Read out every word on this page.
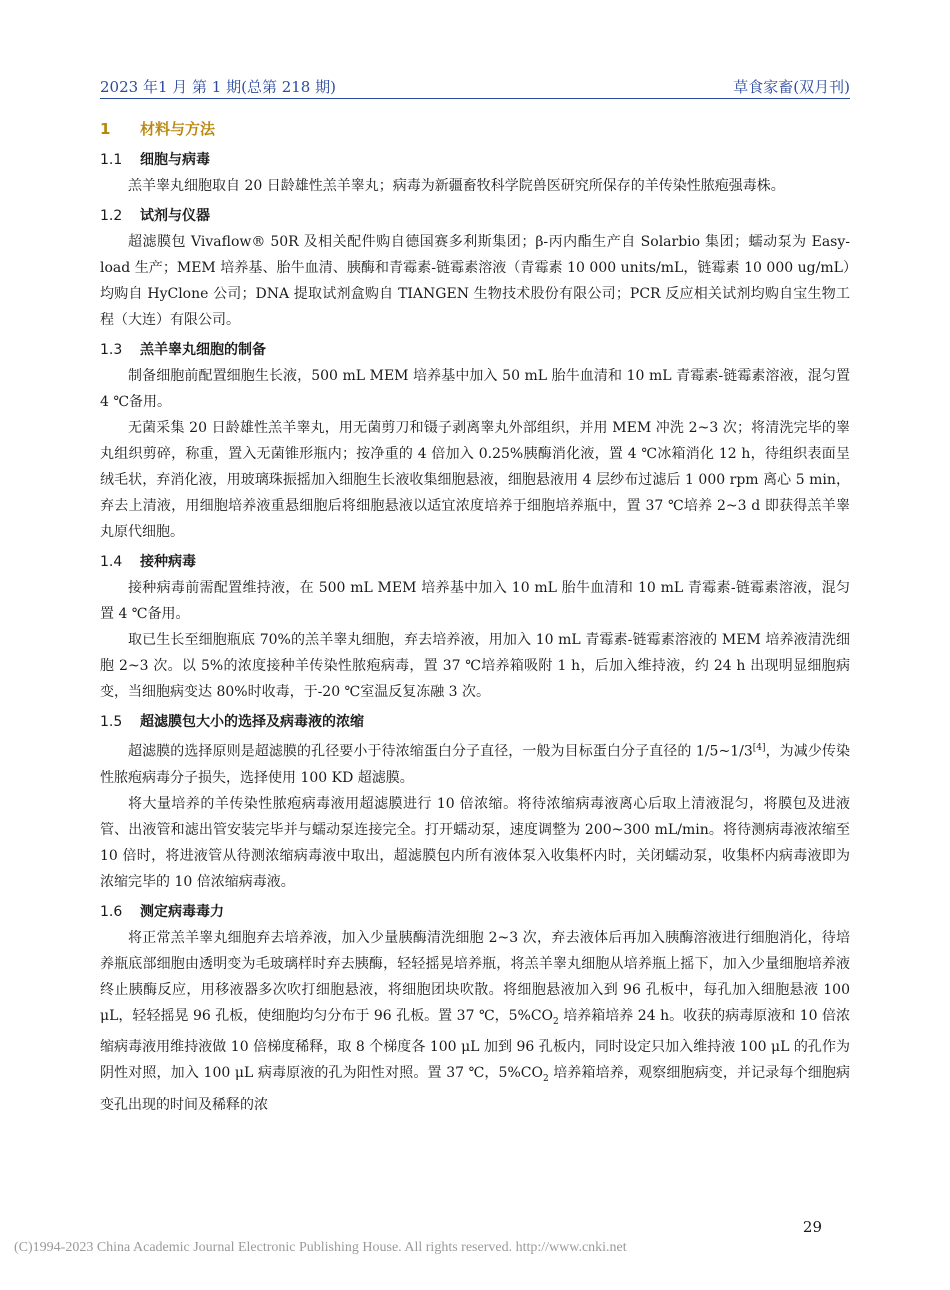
2023 年1 月 第 1 期(总第 218 期)	草食家畜(双月刊)
1 材料与方法
1.1 细胞与病毒

羔羊睾丸细胞取自 20 日龄雄性羔羊睾丸；病毒为新疆畜牧科学院兽医研究所保存的羊传染性脓疱强毒株。

1.2 试剂与仪器

超滤膜包 Vivaflow® 50R 及相关配件购自德国赛多利斯集团；β-丙内酯生产自 Solarbio 集团；蠕动泵为 Easy-load 生产；MEM 培养基、胎牛血清、胰酶和青霉素-链霉素溶液（青霉素 10 000 units/mL，链霉素 10 000 ug/mL）均购自 HyClone 公司；DNA 提取试剂盒购自 TIANGEN 生物技术股份有限公司；PCR 反应相关试剂均购自宝生物工程（大连）有限公司。

1.3 羔羊睾丸细胞的制备

制备细胞前配置细胞生长液，500 mL MEM 培养基中加入 50 mL 胎牛血清和 10 mL 青霉素-链霉素溶液，混匀置 4 ℃备用。

无菌采集 20 日龄雄性羔羊睾丸，用无菌剪刀和镊子剥离睾丸外部组织，并用 MEM 冲洗 2~3 次；将清洗完毕的睾丸组织剪碎，称重，置入无菌锥形瓶内；按净重的 4 倍加入 0.25%胰酶消化液，置 4 ℃冰箱消化 12 h，待组织表面呈绒毛状，弃消化液，用玻璃珠振摇加入细胞生长液收集细胞悬液，细胞悬液用 4 层纱布过滤后 1 000 rpm 离心 5 min，弃去上清液，用细胞培养液重悬细胞后将细胞悬液以适宜浓度培养于细胞培养瓶中，置 37 ℃培养 2~3 d 即获得羔羊睾丸原代细胞。

1.4 接种病毒

接种病毒前需配置维持液，在 500 mL MEM 培养基中加入 10 mL 胎牛血清和 10 mL 青霉素-链霉素溶液，混匀置 4 ℃备用。

取已生长至细胞瓶底 70%的羔羊睾丸细胞，弃去培养液，用加入 10 mL 青霉素-链霉素溶液的 MEM 培养液清洗细胞 2~3 次。以 5%的浓度接种羊传染性脓疱病毒，置 37 ℃培养箱吸附 1 h，后加入维持液，约 24 h 出现明显细胞病变，当细胞病变达 80%时收毒，于-20 ℃室温反复冻融 3 次。

1.5 超滤膜包大小的选择及病毒液的浓缩

超滤膜的选择原则是超滤膜的孔径要小于待浓缩蛋白分子直径，一般为目标蛋白分子直径的 1/5~1/3[4]，为减少传染性脓疱病毒分子损失，选择使用 100 KD 超滤膜。

将大量培养的羊传染性脓疱病毒液用超滤膜进行 10 倍浓缩。将待浓缩病毒液离心后取上清液混匀，将膜包及进液管、出液管和滤出管安装完毕并与蠕动泵连接完全。打开蠕动泵，速度调整为 200~300 mL/min。将待测病毒液浓缩至 10 倍时，将进液管从待测浓缩病毒液中取出，超滤膜包内所有液体泵入收集杯内时，关闭蠕动泵，收集杯内病毒液即为浓缩完毕的 10 倍浓缩病毒液。

1.6 测定病毒毒力

将正常羔羊睾丸细胞弃去培养液，加入少量胰酶清洗细胞 2~3 次，弃去液体后再加入胰酶溶液进行细胞消化，待培养瓶底部细胞由透明变为毛玻璃样时弃去胰酶，轻轻摇晃培养瓶，将羔羊睾丸细胞从培养瓶上摇下，加入少量细胞培养液终止胰酶反应，用移液器多次吹打细胞悬液，将细胞团块吹散。将细胞悬液加入到 96 孔板中，每孔加入细胞悬液 100 μL，轻轻摇晃 96 孔板，使细胞均匀分布于 96 孔板。置 37 ℃，$5\%CO_2$ 培养箱培养 24 h。收获的病毒原液和 10 倍浓缩病毒液用维持液做 10 倍梯度稀释，取 8 个梯度各 100 μL 加到 96 孔板内，同时设定只加入维持液 100 μL 的孔作为阴性对照，加入 100 μL 病毒原液的孔为阳性对照。置 37 ℃，$5\%CO_2$ 培养箱培养，观察细胞病变，并记录每个细胞病变孔出现的时间及稀释的浓

29
(C)1994-2023 China Academic Journal Electronic Publishing House. All rights reserved. http://www.cnki.net
